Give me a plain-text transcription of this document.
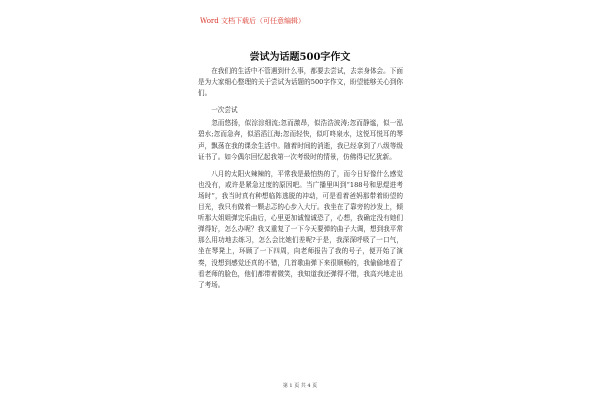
Word 文档下载后（可任意编辑）
尝试为话题500字作文

在我们的生活中不管遇到什么事，都要去尝试，去亲身体会。下面是为大家细心整理的关于尝试为话题的500字作文，盼望能够关心到你们。

一次尝试

忽而悠扬，似淙淙细流;忽而激昂，似浩浩波涛;忽而静谧，似一泓碧水;忽而急奔，似滔滔江海;忽而轻快，似叮咚泉水，这悦耳悦耳的琴声，飘荡在我的课余生活中。随着时间的消逝，我已经拿到了八级等级证书了。如今偶尔回忆起我第一次考级时的情景，仿佛得记忆犹新。

八月的太阳火辣辣的，平常我是最怕热的了，而今日好像什么感觉也没有，或许是紧急过度的原因吧。当广播里叫到“188号和思煜进考场时”，我当时真有种想临阵逃脱的冲动，可是看着爸妈那带着盼望的目光，我只有做着一颗忐忑的心步入大厅。我坐在了靠旁的沙发上，倾听那大姐姐弹完乐曲后，心里更加诚惶诚恐了，心想，我确定没有她们弹得好，怎么办呢？我又重复了一下今天要弹的曲子大调，想到我平常那么用功地去练习，怎么会比她们差呢?于是，我深深呼吸了一口气，坐在琴凳上，环顾了一下四周，向老师报告了我的号子，便开始了演奏，没想到感觉还真的不错，几首歌曲弹下来很顺畅的，我偷偷地看了看老师的脸色，他们都带着微笑，我知道我还弹得不错，我高兴地走出了考场。

第 1 页 共 4 页
